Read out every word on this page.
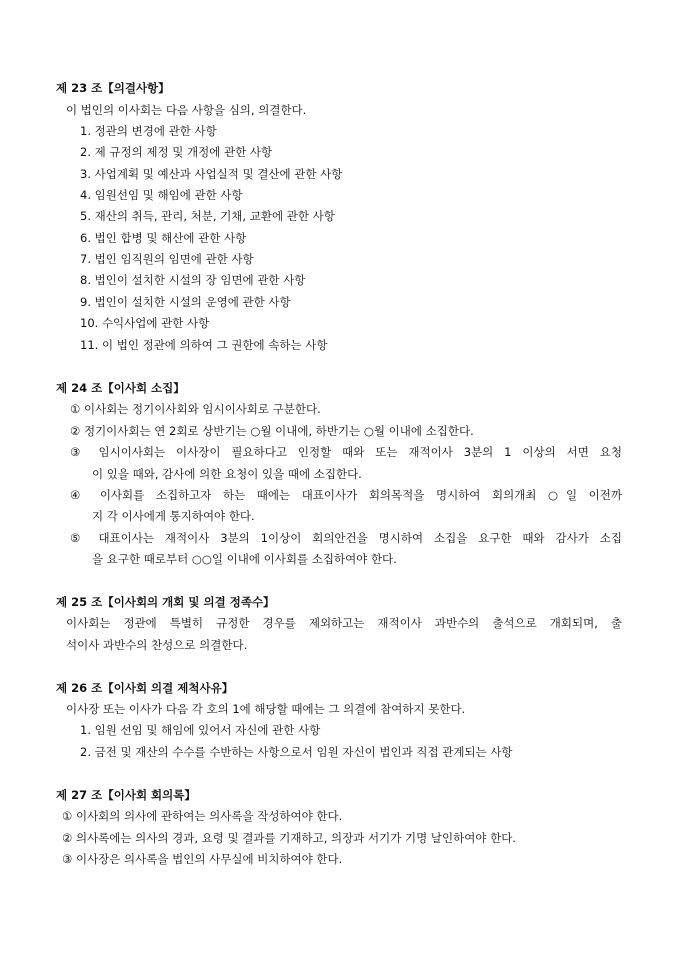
제 23 조【의결사항】
이 법인의 이사회는 다음 사항을 심의, 의결한다.
1. 정관의 변경에 관한 사항
2. 제 규정의 제정 및 개정에 관한 사항
3. 사업계획 및 예산과 사업실적 및 결산에 관한 사항
4. 임원선임 및 해임에 관한 사항
5. 재산의 취득, 관리, 처분, 기채, 교환에 관한 사항
6. 법인 합병 및 해산에 관한 사항
7. 법인 임직원의 임면에 관한 사항
8. 법인이 설치한 시설의 장 임면에 관한 사항
9. 법인이 설치한 시설의 운영에 관한 사항
10. 수익사업에 관한 사항
11. 이 법인 정관에 의하여 그 권한에 속하는 사항
제 24 조【이사회 소집】
① 이사회는 정기이사회와 임시이사회로 구분한다.
② 정기이사회는 연 2회로 상반기는 ○월 이내에, 하반기는 ○월 이내에 소집한다.
③ 임시이사회는 이사장이 필요하다고 인정할 때와 또는 재적이사 3분의 1 이상의 서면 요청
이 있을 때와, 감사에 의한 요청이 있을 때에 소집한다.
④ 이사회를 소집하고자 하는 때에는 대표이사가 회의목적을 명시하여 회의개최 ○일 이전까
지 각 이사에게 통지하여야 한다.
⑤ 대표이사는 재적이사 3분의 1이상이 회의안건을 명시하여 소집을 요구한 때와 감사가 소집
을 요구한 때로부터 ○○일 이내에 이사회를 소집하여야 한다.
제 25 조【이사회의 개회 및 의결 정족수】
이사회는 정관에 특별히 규정한 경우를 제외하고는 재적이사 과반수의 출석으로 개회되며, 출
석이사 과반수의 찬성으로 의결한다.
제 26 조【이사회 의결 제척사유】
이사장 또는 이사가 다음 각 호의 1에 해당할 때에는 그 의결에 참여하지 못한다.
1. 임원 선임 및 해임에 있어서 자신에 관한 사항
2. 금전 및 재산의 수수를 수반하는 사항으로서 임원 자신이 법인과 직접 관계되는 사항
제 27 조【이사회 회의록】
① 이사회의 의사에 관하여는 의사록을 작성하여야 한다.
② 의사록에는 의사의 경과, 요령 및 결과를 기재하고, 의장과 서기가 기명 날인하여야 한다.
③ 이사장은 의사록을 법인의 사무실에 비치하여야 한다.
